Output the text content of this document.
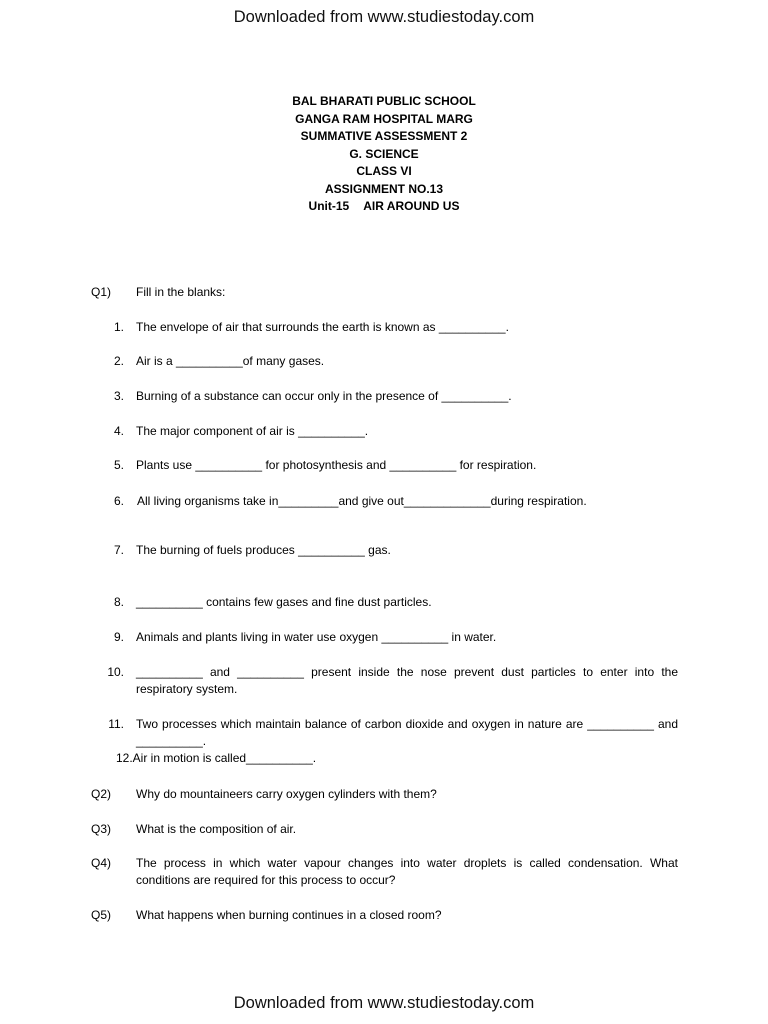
Downloaded from www.studiestoday.com
BAL BHARATI PUBLIC SCHOOL
GANGA RAM HOSPITAL MARG
SUMMATIVE ASSESSMENT 2
G. SCIENCE
CLASS VI
ASSIGNMENT NO.13
Unit-15 AIR AROUND US
Q1) Fill in the blanks:
1. The envelope of air that surrounds the earth is known as __________.
2. Air is a __________of many gases.
3. Burning of a substance can occur only in the presence of __________.
4. The major component of air is __________.
5. Plants use __________ for photosynthesis and __________ for respiration.
6. All living organisms take in_________and give out_____________during respiration.
7. The burning of fuels produces __________ gas.
8. __________ contains few gases and fine dust particles.
9. Animals and plants living in water use oxygen __________ in water.
10. __________ and __________ present inside the nose prevent dust particles to enter into the respiratory system.
11. Two processes which maintain balance of carbon dioxide and oxygen in nature are __________ and __________.
12.Air in motion is called__________.
Q2) Why do mountaineers carry oxygen cylinders with them?
Q3) What is the composition of air.
Q4) The process in which water vapour changes into water droplets is called condensation. What conditions are required for this process to occur?
Q5) What happens when burning continues in a closed room?
Downloaded from www.studiestoday.com
